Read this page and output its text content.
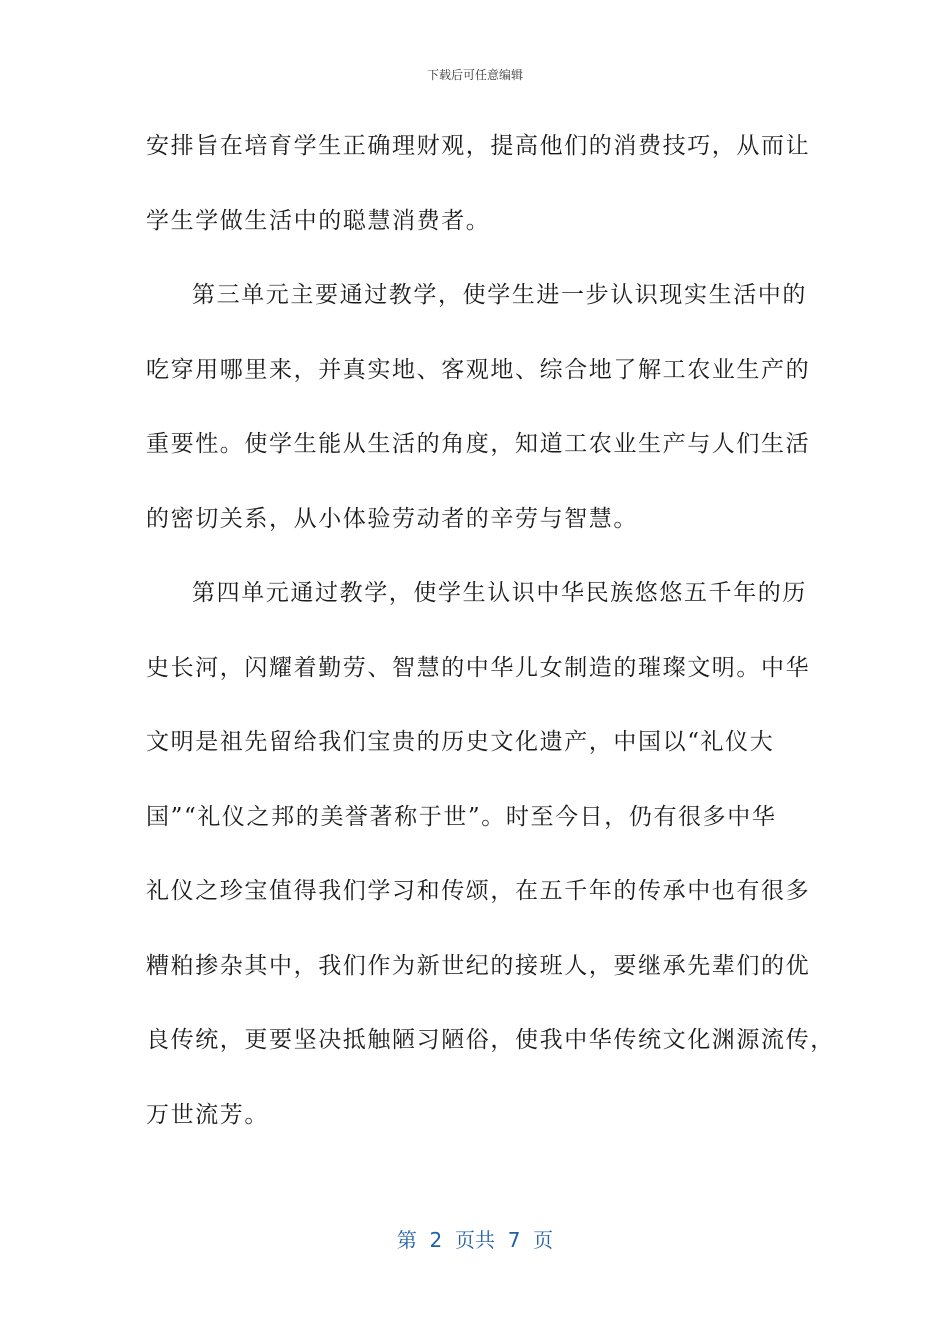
下载后可任意编辑
安排旨在培育学生正确理财观，提高他们的消费技巧，从而让
学生学做生活中的聪慧消费者。
第三单元主要通过教学，使学生进一步认识现实生活中的
吃穿用哪里来，并真实地、客观地、综合地了解工农业生产的
重要性。使学生能从生活的角度，知道工农业生产与人们生活
的密切关系，从小体验劳动者的辛劳与智慧。
第四单元通过教学，使学生认识中华民族悠悠五千年的历
史长河，闪耀着勤劳、智慧的中华儿女制造的璀璨文明。中华
文明是祖先留给我们宝贵的历史文化遗产，中国以“礼仪大
国”“礼仪之邦的美誉著称于世”。时至今日，仍有很多中华
礼仪之珍宝值得我们学习和传颂，在五千年的传承中也有很多
糟粕掺杂其中，我们作为新世纪的接班人，要继承先辈们的优
良传统，更要坚决抵触陋习陋俗，使我中华传统文化渊源流传，
万世流芳。
第  2  页共  7  页
